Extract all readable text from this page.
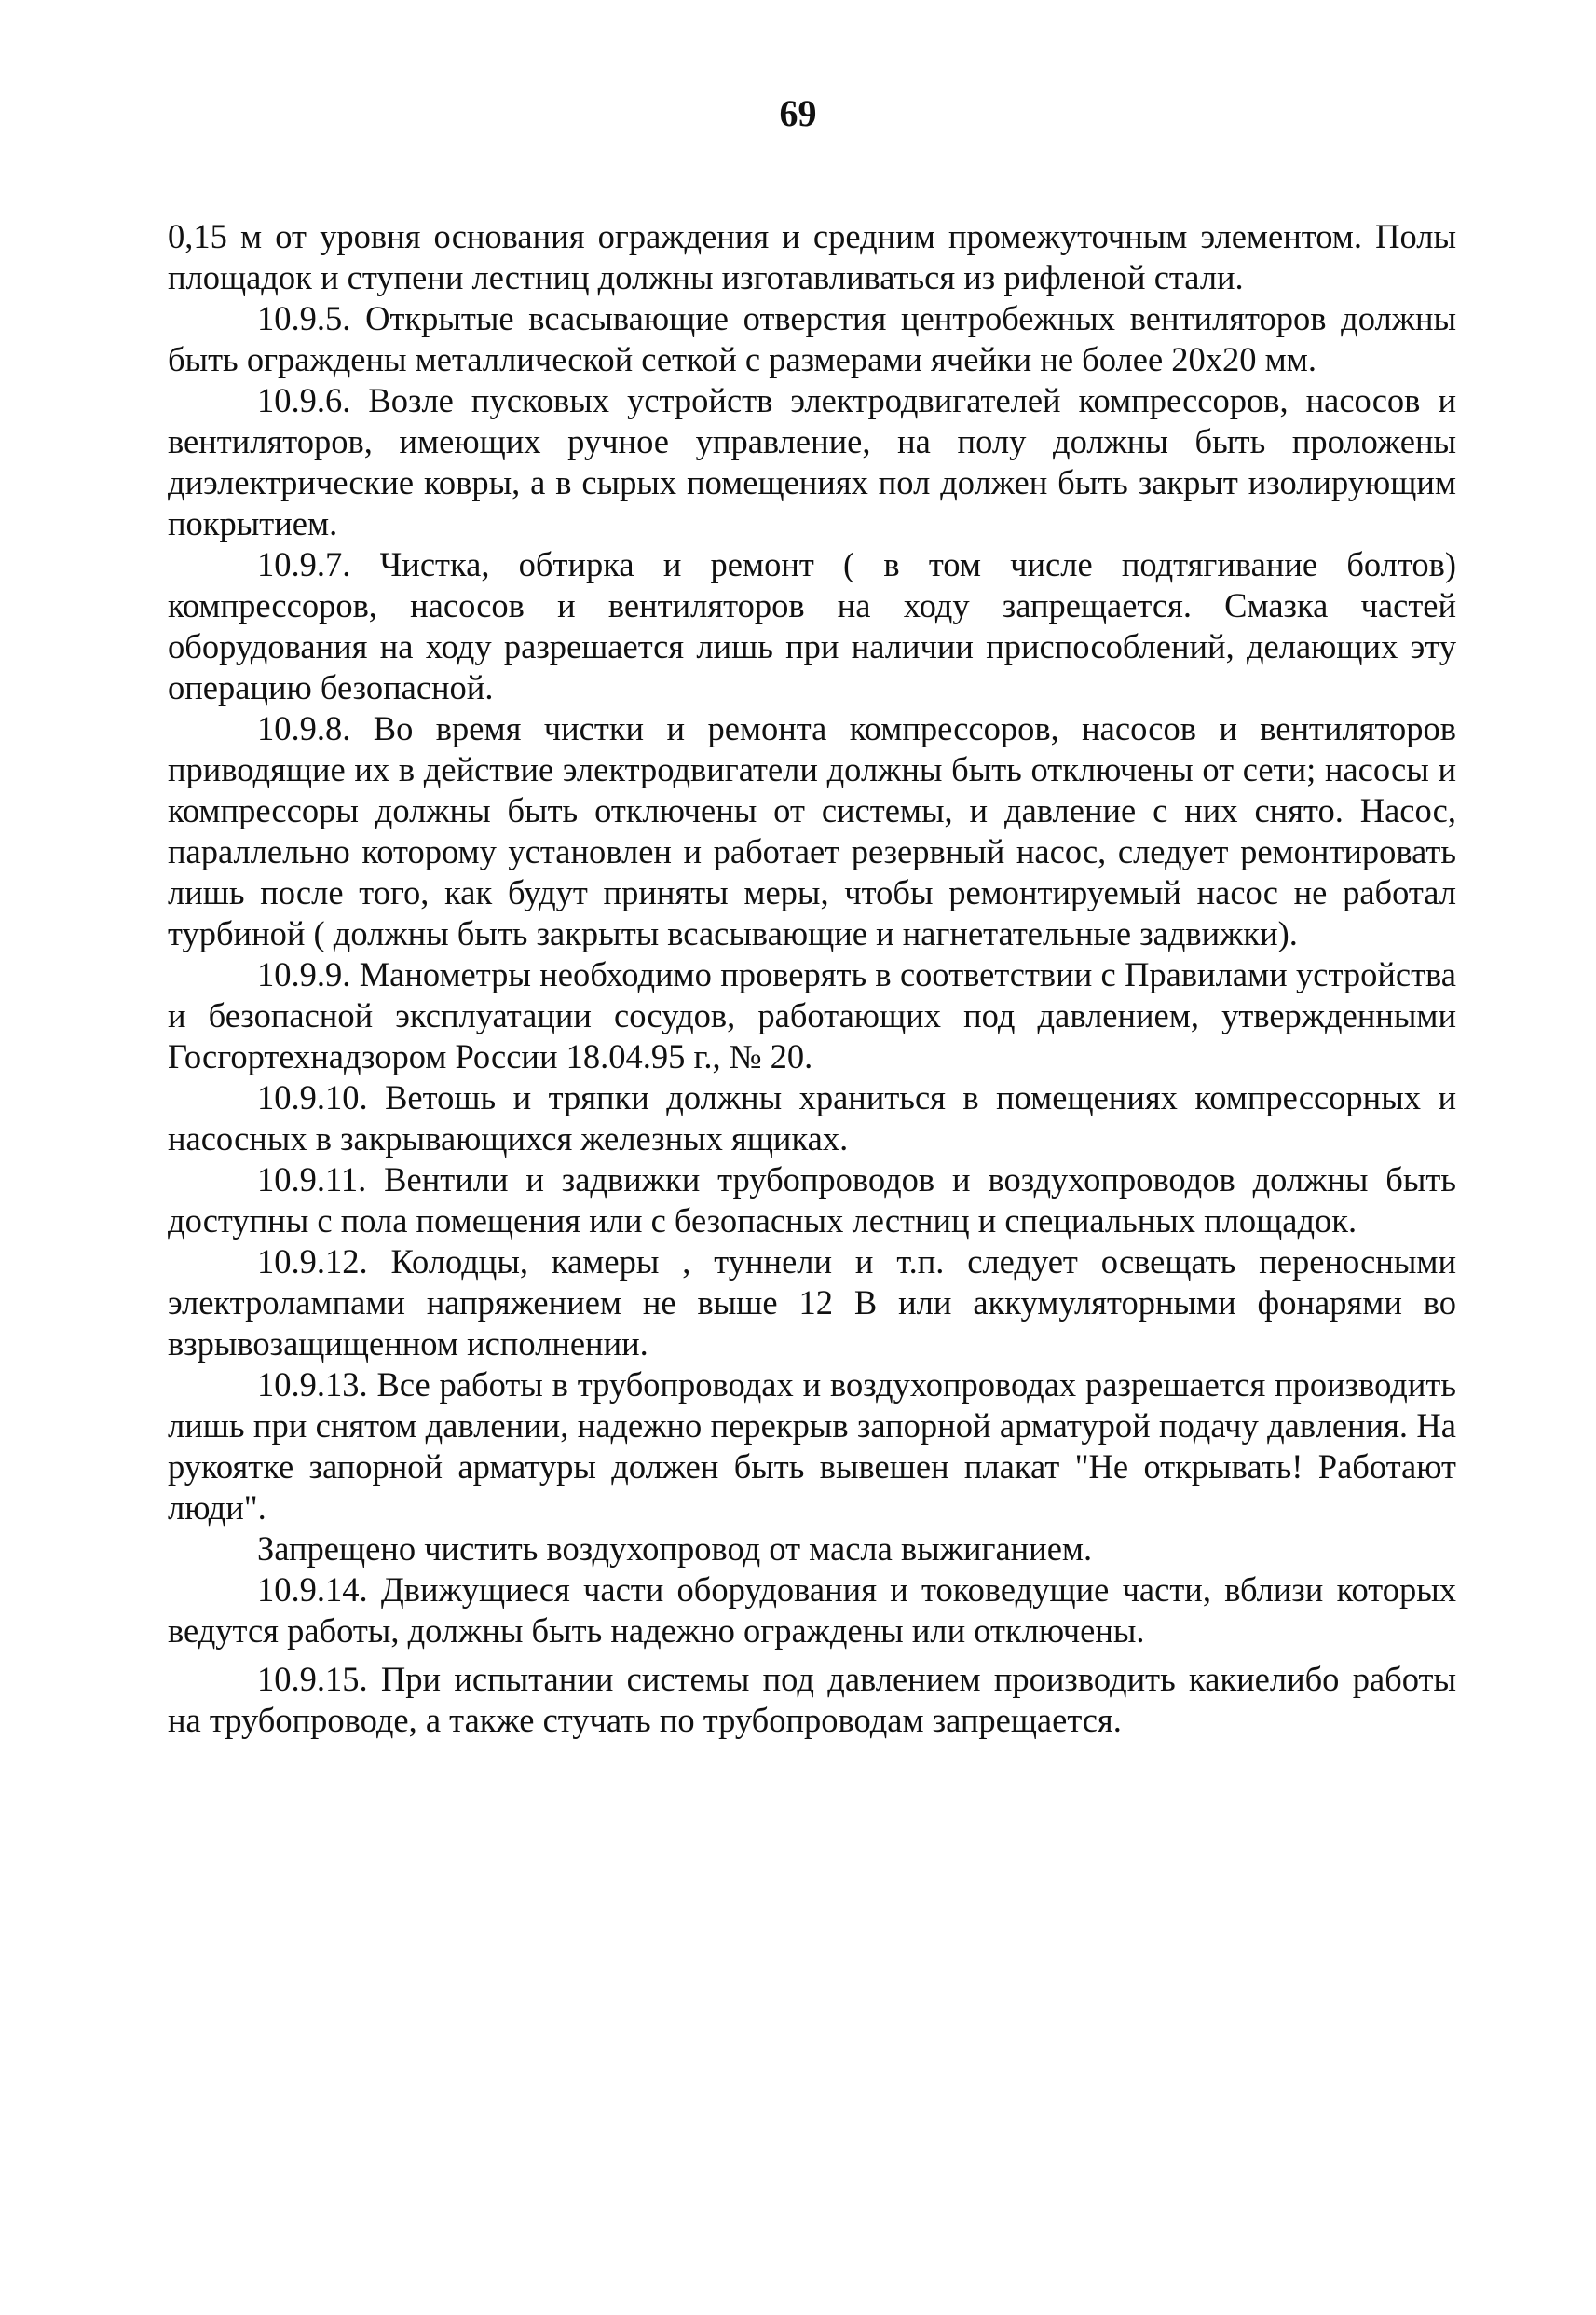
69

0,15 м от уровня основания ограждения и средним промежуточным элементом. Полы площадок и ступени лестниц должны изготавливаться из рифленой стали.

10.9.5. Открытые всасывающие отверстия центробежных вентиляторов должны быть ограждены металлической сеткой с размерами ячейки не более 20х20 мм.

10.9.6. Возле пусковых устройств электродвигателей компрессоров, насосов и вентиляторов, имеющих ручное управление, на полу должны быть проложены диэлектрические ковры, а в сырых помещениях пол должен быть закрыт изолирующим покрытием.

10.9.7. Чистка, обтирка и ремонт ( в том числе подтягивание болтов) компрессоров, насосов и вентиляторов на ходу запрещается. Смазка частей оборудования на ходу разрешается лишь при наличии приспособлений, делающих эту операцию безопасной.

10.9.8. Во время чистки и ремонта компрессоров, насосов и вентиляторов приводящие их в действие электродвигатели должны быть отключены от сети; насосы и компрессоры должны быть отключены от системы, и давление с них снято. Насос, параллельно которому установлен и работает резервный насос, следует ремонтировать лишь после того, как будут приняты меры, чтобы ремонтируемый насос не работал турбиной ( должны быть закрыты всасывающие и нагнетательные задвижки).

10.9.9. Манометры необходимо проверять в соответствии с Правилами устройства и безопасной эксплуатации сосудов, работающих под давлением, утвержденными Госгортехнадзором России 18.04.95 г., № 20.

10.9.10. Ветошь и тряпки должны храниться в помещениях компрессорных и насосных в закрывающихся железных ящиках.

10.9.11. Вентили и задвижки трубопроводов и воздухопроводов должны быть доступны с пола помещения или с безопасных лестниц и специальных площадок.

10.9.12. Колодцы, камеры , туннели и т.п. следует освещать переносными электролампами напряжением не выше 12 В или аккумуляторными фонарями во взрывозащищенном исполнении.

10.9.13. Все работы в трубопроводах и воздухопроводах разрешается производить лишь при снятом давлении, надежно перекрыв запорной арматурой подачу давления. На рукоятке запорной арматуры должен быть вывешен плакат "Не открывать! Работают люди".

Запрещено чистить воздухопровод от масла выжиганием.

10.9.14. Движущиеся части оборудования и токоведущие части, вблизи которых ведутся работы, должны быть надежно ограждены или отключены.

10.9.15. При испытании системы под давлением производить какиелибо работы на трубопроводе, а также стучать по трубопроводам запрещается.
